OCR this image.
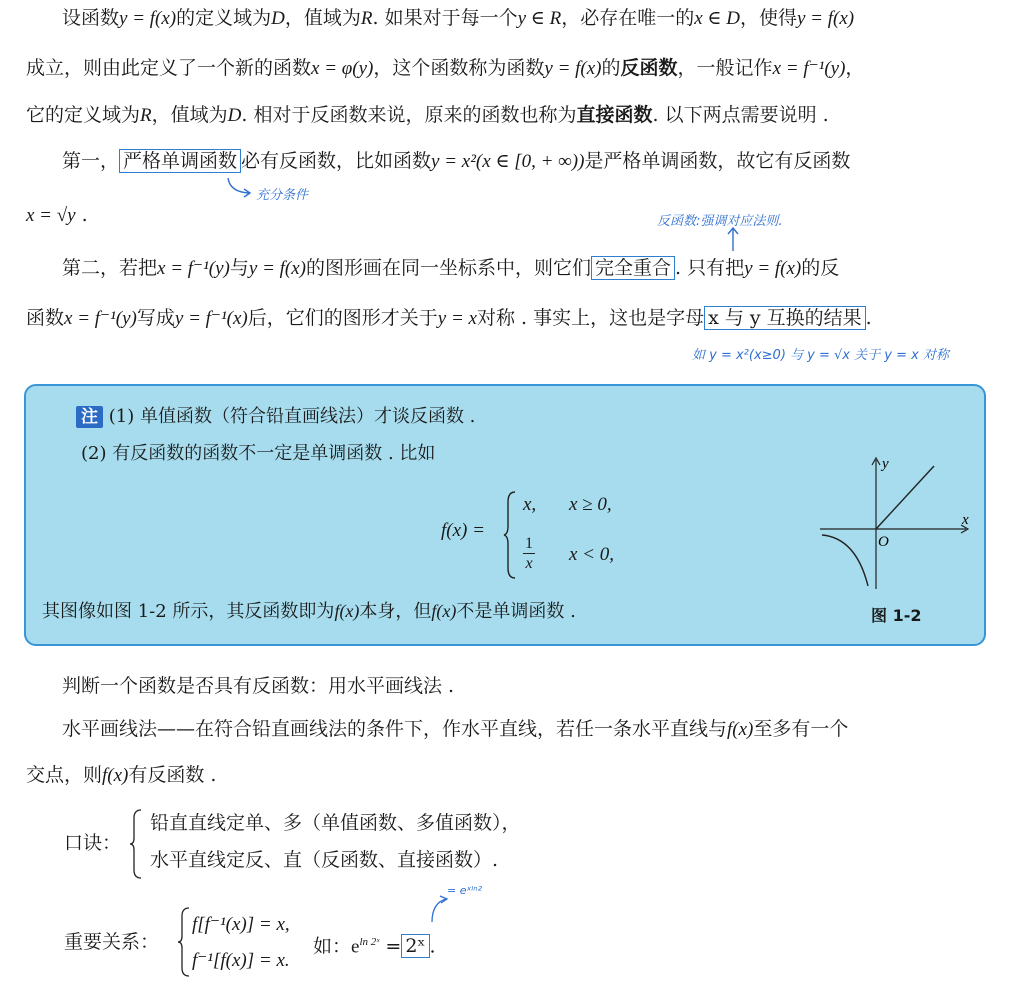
设函数y = f(x)的定义域为D，值域为R. 如果对于每一个y ∈ R，必存在唯一的x ∈ D，使得y = f(x)
成立，则由此定义了一个新的函数x = φ(y)，这个函数称为函数y = f(x)的反函数，一般记作x = f⁻¹(y)，
它的定义域为R，值域为D. 相对于反函数来说，原来的函数也称为直接函数. 以下两点需要说明 .
第一， 严格单调函数 必有反函数，比如函数y = x²(x ∈ [0, + ∞))是严格单调函数，故它有反函数
充分条件
x = √y .	反函数:强调对应法则.
第二，若把x = f⁻¹(y)与y = f(x)的图形画在同一坐标系中，则它们 完全重合 . 只有把y = f(x)的反
函数x = f⁻¹(y)写成y = f⁻¹(x)后，它们的图形才关于y = x对称 . 事实上，这也是字母 x 与 y 互换的结果 .
如 y = x²(x≥0) 与 y = √x 关于 y = x 对称
注 (1) 单值函数（符合铅直画线法）才谈反函数 .
(2) 有反函数的函数不一定是单调函数 . 比如
f(x) =
x, x ≥ 0,
$\frac{1}{x}$ x < 0,
其图像如图 1-2 所示，其反函数即为f(x)本身，但f(x)不是单调函数 .
y
x
O
图 1-2
判断一个函数是否具有反函数：用水平画线法 .
水平画线法——在符合铅直画线法的条件下，作水平直线，若任一条水平直线与f(x)至多有一个
交点，则f(x)有反函数 .
口诀：
铅直直线定单、多（单值函数、多值函数），
水平直线定反、直（反函数、直接函数）.
重要关系：
f[f⁻¹(x)] = x,
f⁻¹[f(x)] = x.
如：$e^{ln 2ˣ}$ = 2ˣ .
= eˣˡⁿ²
